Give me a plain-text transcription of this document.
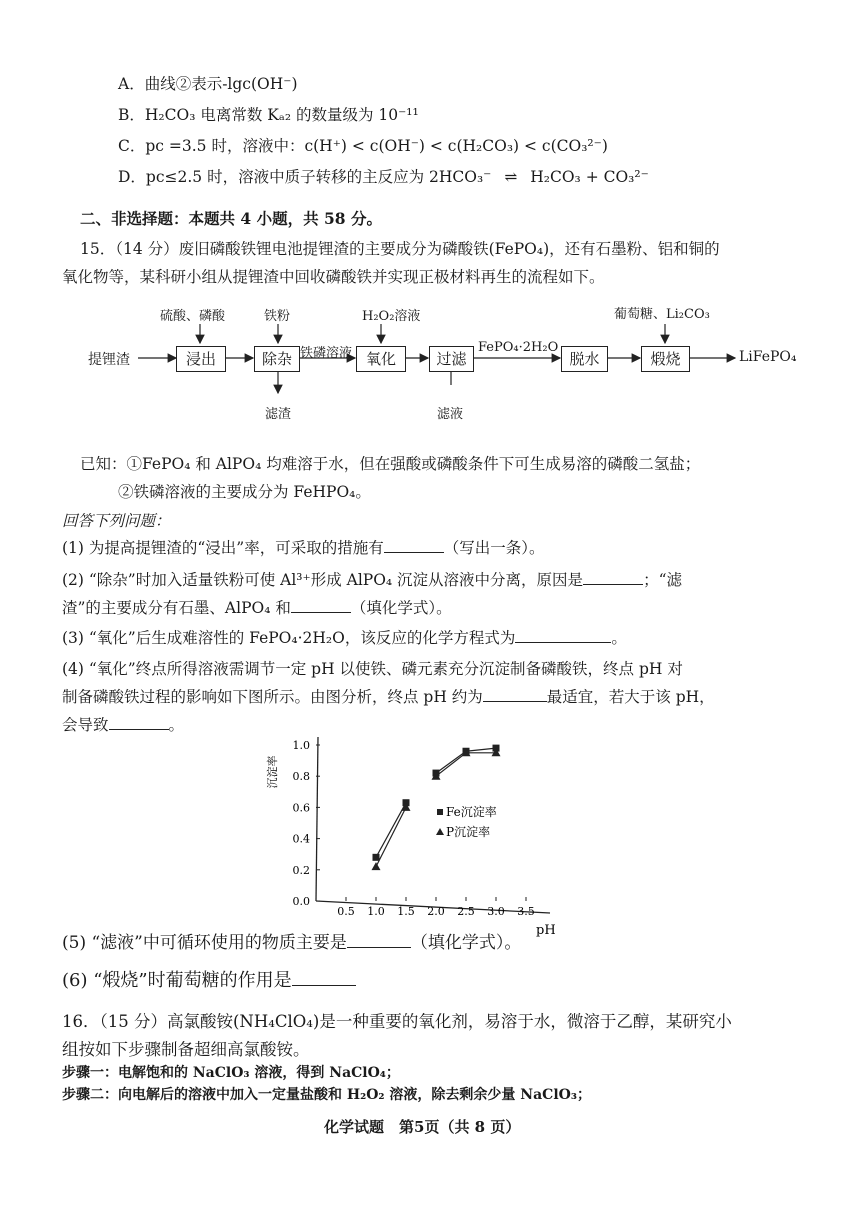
A．曲线②表示-lgc(OH⁻)
B．H₂CO₃ 电离常数 Kₐ₂ 的数量级为 10⁻¹¹
C．pc =3.5 时，溶液中：c(H⁺) < c(OH⁻) < c(H₂CO₃) < c(CO₃²⁻)
D．pc≤2.5 时，溶液中质子转移的主反应为 2HCO₃⁻ ⇌ H₂CO₃ + CO₃²⁻
二、非选择题：本题共 4 小题，共 58 分。
15．（14 分）废旧磷酸铁锂电池提锂渣的主要成分为磷酸铁(FePO₄)，还有石墨粉、铝和铜的
氧化物等，某科研小组从提锂渣中回收磷酸铁并实现正极材料再生的流程如下。
提锂渣	浸出	除杂	氧化	过滤	脱水	煅烧
硫酸、磷酸	铁粉	H₂O₂溶液	葡萄糖、Li₂CO₃
铁磷溶液	FePO₄·2H₂O
滤渣	滤液
LiFePO₄
已知：①FePO₄ 和 AlPO₄ 均难溶于水，但在强酸或磷酸条件下可生成易溶的磷酸二氢盐；
②铁磷溶液的主要成分为 FeHPO₄。
回答下列问题：
(1) 为提高提锂渣的“浸出”率，可采取的措施有	（写出一条）。
(2) “除杂”时加入适量铁粉可使 Al³⁺形成 AlPO₄ 沉淀从溶液中分离，原因是	；“滤
渣”的主要成分有石墨、AlPO₄ 和	（填化学式）。
(3) “氧化”后生成难溶性的 FePO₄·2H₂O，该反应的化学方程式为	。
(4) “氧化”终点所得溶液需调节一定 pH 以使铁、磷元素充分沉淀制备磷酸铁，终点 pH 对
制备磷酸铁过程的影响如下图所示。由图分析，终点 pH 约为	最适宜，若大于该 pH，
会导致	。
0.0
0.2
0.4
0.6
0.8
1.0
0.5 1.0 1.5 2.0 2.5 3.0 3.5
Fe沉淀率
P沉淀率
沉淀率
pH
(5) “滤液”中可循环使用的物质主要是	（填化学式）。
(6) “煅烧”时葡萄糖的作用是
16．（15 分）高氯酸铵(NH₄ClO₄)是一种重要的氧化剂，易溶于水，微溶于乙醇，某研究小
组按如下步骤制备超细高氯酸铵。
步骤一：电解饱和的 NaClO₃ 溶液，得到 NaClO₄；
步骤二：向电解后的溶液中加入一定量盐酸和 H₂O₂ 溶液，除去剩余少量 NaClO₃；
化学试题　第5页（共 8 页）
